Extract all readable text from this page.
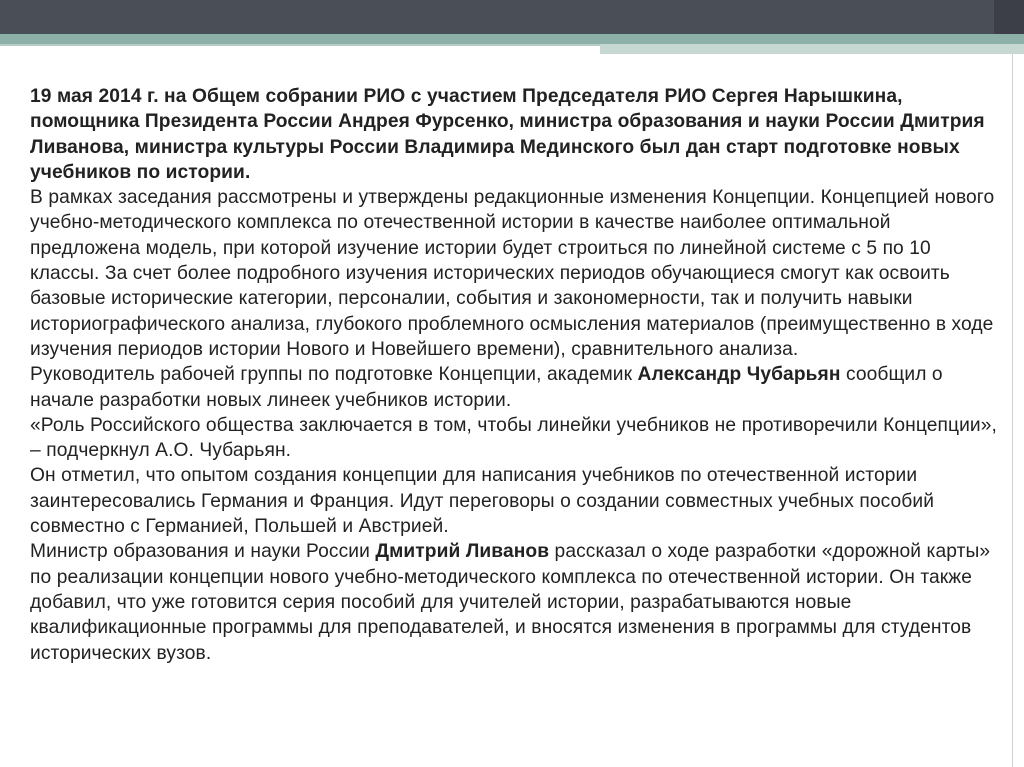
19 мая 2014 г. на Общем собрании РИО с участием Председателя РИО Сергея Нарышкина, помощника Президента России Андрея Фурсенко, министра образования и науки России Дмитрия Ливанова, министра культуры России Владимира Мединского был дан старт подготовке новых учебников по истории.

В рамках заседания рассмотрены и утверждены редакционные изменения Концепции. Концепцией нового учебно-методического комплекса по отечественной истории в качестве наиболее оптимальной предложена модель, при которой изучение истории будет строиться по линейной системе с 5 по 10 классы. За счет более подробного изучения исторических периодов обучающиеся смогут как освоить базовые исторические категории, персоналии, события и закономерности, так и получить навыки историографического анализа, глубокого проблемного осмысления материалов (преимущественно в ходе изучения периодов истории Нового и Новейшего времени), сравнительного анализа.

Руководитель рабочей группы по подготовке Концепции, академик Александр Чубарьян сообщил о начале разработки новых линеек учебников истории.

«Роль Российского общества заключается в том, чтобы линейки учебников не противоречили Концепции», – подчеркнул А.О. Чубарьян.

Он отметил, что опытом создания концепции для написания учебников по отечественной истории заинтересовались Германия и Франция. Идут переговоры о создании совместных учебных пособий совместно с Германией, Польшей и Австрией.

Министр образования и науки России Дмитрий Ливанов рассказал о ходе разработки «дорожной карты» по реализации концепции нового учебно-методического комплекса по отечественной истории. Он также добавил, что уже готовится серия пособий для учителей истории, разрабатываются новые квалификационные программы для преподавателей, и вносятся изменения в программы для студентов исторических вузов.
